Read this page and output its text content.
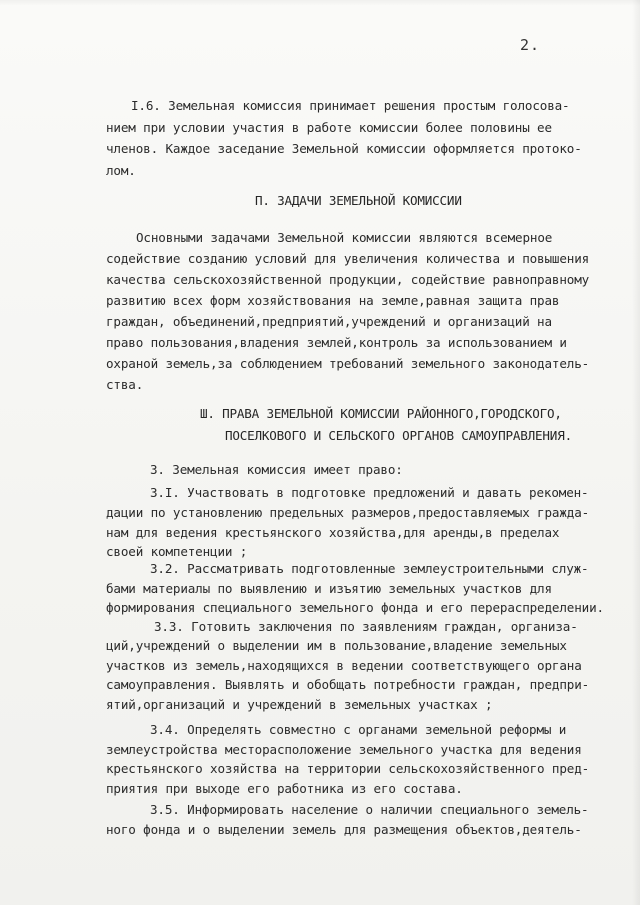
2.
I.6. Земельная комиссия принимает решения простым голосова-
нием при условии участия в работе комиссии более половины ее
членов. Каждое заседание Земельной комиссии оформляется протоко-
лом.
П. ЗАДАЧИ ЗЕМЕЛЬНОЙ КОМИССИИ
Основными задачами Земельной комиссии являются всемерное
содействие созданию условий для увеличения количества и повышения
качества сельскохозяйственной продукции, содействие равноправному
развитию всех форм хозяйствования на земле,равная защита прав
граждан, объединений,предприятий,учреждений и организаций на
право пользования,владения землей,контроль за использованием и
охраной земель,за соблюдением требований земельного законодатель-
ства.
Ш. ПРАВА ЗЕМЕЛЬНОЙ КОМИССИИ РАЙОННОГО,ГОРОДСКОГО,
ПОСЕЛКОВОГО И СЕЛЬСКОГО ОРГАНОВ САМОУПРАВЛЕНИЯ.
3. Земельная комиссия имеет право:
3.I. Участвовать в подготовке предложений и давать рекомен-
дации по установлению предельных размеров,предоставляемых гражда-
нам для ведения крестьянского хозяйства,для аренды,в пределах
своей компетенции ;
3.2. Рассматривать подготовленные землеустроительными служ-
бами материалы по выявлению и изъятию земельных участков для
формирования специального земельного фонда и его перераспределении.
3.3. Готовить заключения по заявлениям граждан, организа-
ций,учреждений о выделении им в пользование,владение земельных
участков из земель,находящихся в ведении соответствующего органа
самоуправления. Выявлять и обобщать потребности граждан, предпри-
ятий,организаций и учреждений в земельных участках ;
3.4. Определять совместно с органами земельной реформы и
землеустройства месторасположение земельного участка для ведения
крестьянского хозяйства на территории сельскохозяйственного пред-
приятия при выходе его работника из его состава.
3.5. Информировать население о наличии специального земель-
ного фонда и о выделении земель для размещения объектов,деятель-
